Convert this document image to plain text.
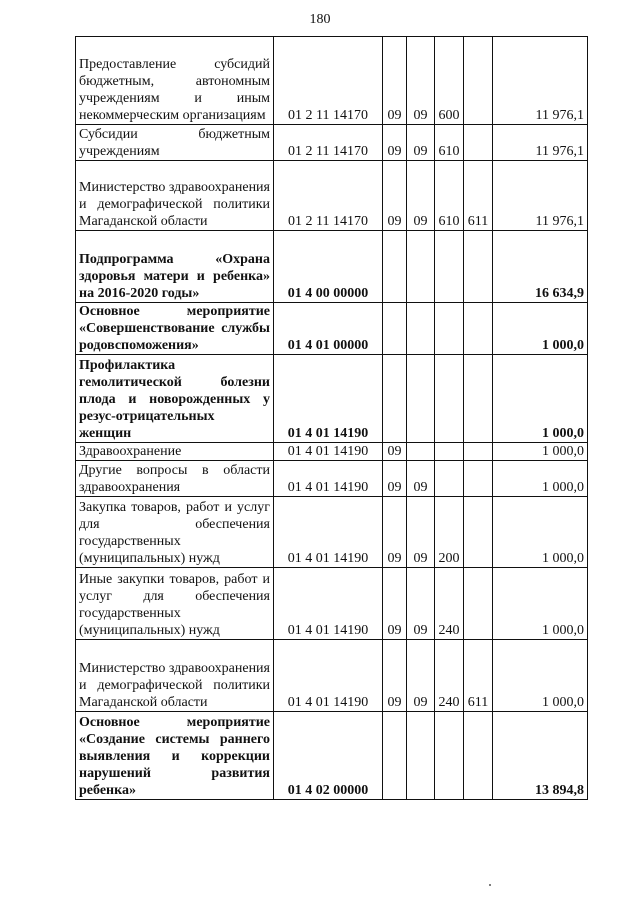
180
Предоставление субсидий бюджетным, автономным учреждениям и иным некоммерческим организациям	01 2 11 14170	09	09	600		11 976,1
Субсидии бюджетным учреждениям	01 2 11 14170	09	09	610		11 976,1
Министерство здравоохранения и демографической политики Магаданской области	01 2 11 14170	09	09	610	611	11 976,1
Подпрограмма «Охрана здоровья матери и ребенка» на 2016-2020 годы»	01 4 00 00000					16 634,9
Основное мероприятие «Совершенствование службы родовспоможения»	01 4 01 00000					1 000,0
Профилактика гемолитической болезни плода и новорожденных у резус-отрицательных женщин	01 4 01 14190					1 000,0
Здравоохранение	01 4 01 14190	09				1 000,0
Другие вопросы в области здравоохранения	01 4 01 14190	09	09			1 000,0
Закупка товаров, работ и услуг для обеспечения государственных (муниципальных) нужд	01 4 01 14190	09	09	200		1 000,0
Иные закупки товаров, работ и услуг для обеспечения государственных (муниципальных) нужд	01 4 01 14190	09	09	240		1 000,0
Министерство здравоохранения и демографической политики Магаданской области	01 4 01 14190	09	09	240	611	1 000,0
Основное мероприятие «Создание системы раннего выявления и коррекции нарушений развития ребенка»	01 4 02 00000					13 894,8
